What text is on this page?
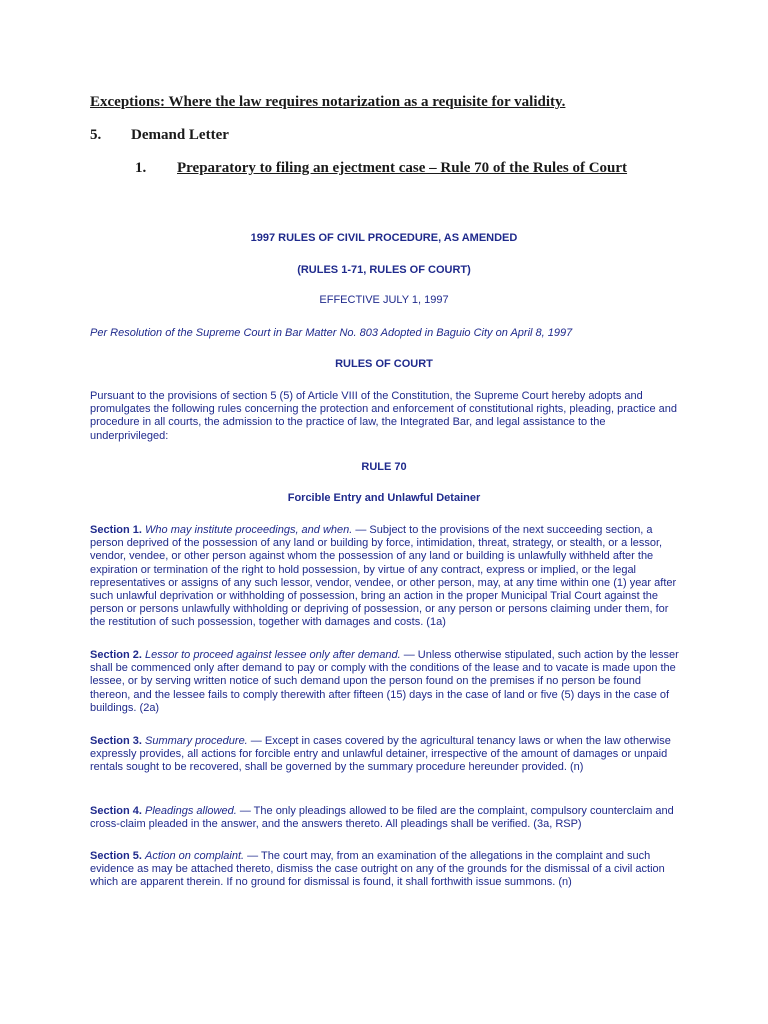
Exceptions: Where the law requires notarization as a requisite for validity.
5. Demand Letter
1. Preparatory to filing an ejectment case – Rule 70 of the Rules of Court
1997 RULES OF CIVIL PROCEDURE, AS AMENDED
(RULES 1-71, RULES OF COURT)
EFFECTIVE JULY 1, 1997
Per Resolution of the Supreme Court in Bar Matter No. 803 Adopted in Baguio City on April 8, 1997
RULES OF COURT
Pursuant to the provisions of section 5 (5) of Article VIII of the Constitution, the Supreme Court hereby adopts and promulgates the following rules concerning the protection and enforcement of constitutional rights, pleading, practice and procedure in all courts, the admission to the practice of law, the Integrated Bar, and legal assistance to the underprivileged:
RULE 70
Forcible Entry and Unlawful Detainer
Section 1. Who may institute proceedings, and when. — Subject to the provisions of the next succeeding section, a person deprived of the possession of any land or building by force, intimidation, threat, strategy, or stealth, or a lessor, vendor, vendee, or other person against whom the possession of any land or building is unlawfully withheld after the expiration or termination of the right to hold possession, by virtue of any contract, express or implied, or the legal representatives or assigns of any such lessor, vendor, vendee, or other person, may, at any time within one (1) year after such unlawful deprivation or withholding of possession, bring an action in the proper Municipal Trial Court against the person or persons unlawfully withholding or depriving of possession, or any person or persons claiming under them, for the restitution of such possession, together with damages and costs. (1a)
Section 2. Lessor to proceed against lessee only after demand. — Unless otherwise stipulated, such action by the lesser shall be commenced only after demand to pay or comply with the conditions of the lease and to vacate is made upon the lessee, or by serving written notice of such demand upon the person found on the premises if no person be found thereon, and the lessee fails to comply therewith after fifteen (15) days in the case of land or five (5) days in the case of buildings. (2a)
Section 3. Summary procedure. — Except in cases covered by the agricultural tenancy laws or when the law otherwise expressly provides, all actions for forcible entry and unlawful detainer, irrespective of the amount of damages or unpaid rentals sought to be recovered, shall be governed by the summary procedure hereunder provided. (n)
Section 4. Pleadings allowed. — The only pleadings allowed to be filed are the complaint, compulsory counterclaim and cross-claim pleaded in the answer, and the answers thereto. All pleadings shall be verified. (3a, RSP)
Section 5. Action on complaint. — The court may, from an examination of the allegations in the complaint and such evidence as may be attached thereto, dismiss the case outright on any of the grounds for the dismissal of a civil action which are apparent therein. If no ground for dismissal is found, it shall forthwith issue summons. (n)
